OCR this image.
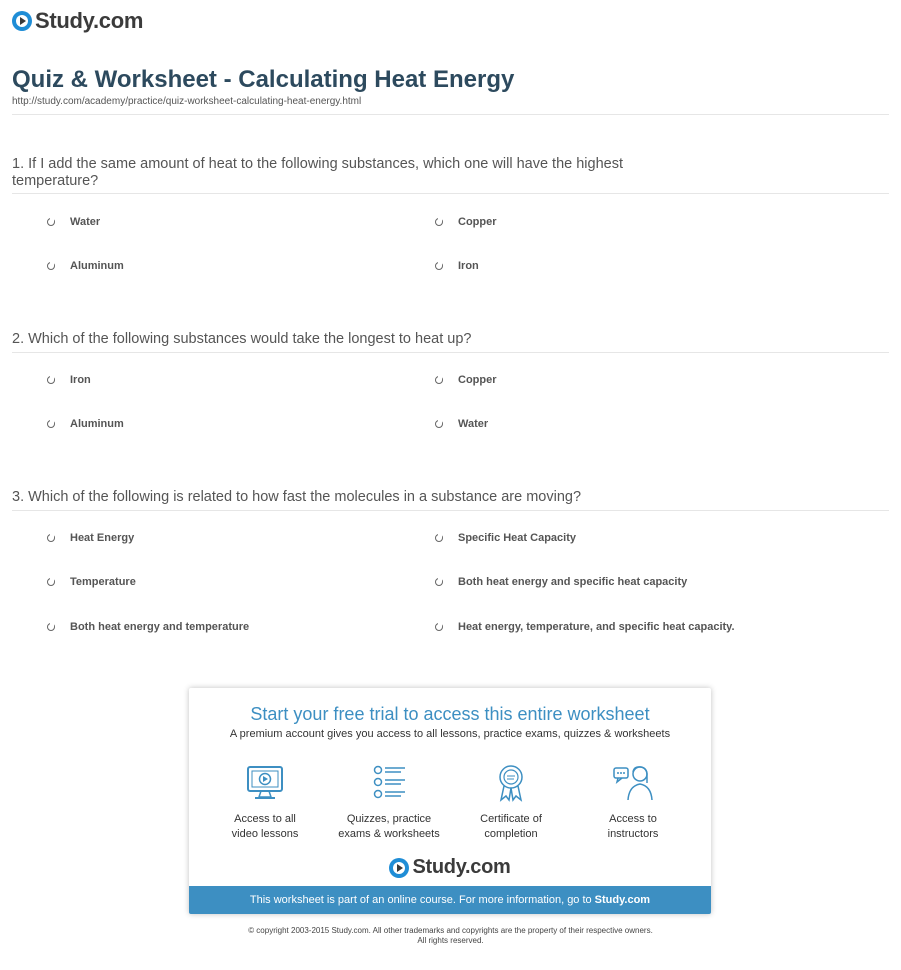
Study.com
Quiz & Worksheet - Calculating Heat Energy
http://study.com/academy/practice/quiz-worksheet-calculating-heat-energy.html
1. If I add the same amount of heat to the following substances, which one will have the highest temperature?
Water	Copper
Aluminum	Iron
2. Which of the following substances would take the longest to heat up?
Iron	Copper
Aluminum	Water
3. Which of the following is related to how fast the molecules in a substance are moving?
Heat Energy	Specific Heat Capacity
Temperature	Both heat energy and specific heat capacity
Both heat energy and temperature	Heat energy, temperature, and specific heat capacity.
Start your free trial to access this entire worksheet
A premium account gives you access to all lessons, practice exams, quizzes & worksheets
Access to all
video lessons
Quizzes, practice
exams & worksheets
Certificate of
completion
Access to
instructors
Study.com
This worksheet is part of an online course. For more information, go to Study.com
© copyright 2003-2015 Study.com. All other trademarks and copyrights are the property of their respective owners.
All rights reserved.
